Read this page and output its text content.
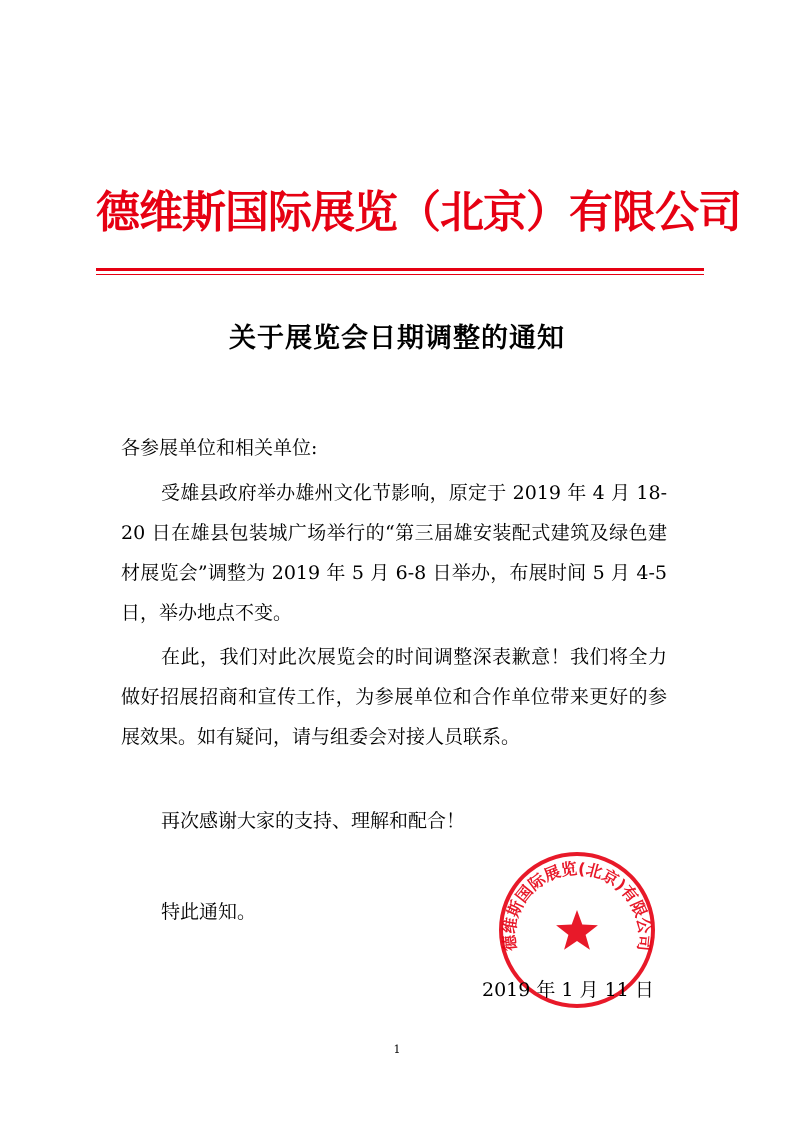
德维斯国际展览（北京）有限公司
关于展览会日期调整的通知
各参展单位和相关单位:

受雄县政府举办雄州文化节影响，原定于 2019 年 4 月 18-20 日在雄县包装城广场举行的“第三届雄安装配式建筑及绿色建材展览会”调整为 2019 年 5 月 6-8 日举办，布展时间 5 月 4-5 日，举办地点不变。

在此，我们对此次展览会的时间调整深表歉意！我们将全力做好招展招商和宣传工作，为参展单位和合作单位带来更好的参展效果。如有疑问，请与组委会对接人员联系。

再次感谢大家的支持、理解和配合！

特此通知。
德维斯国际展览(北京)有限公司
2019 年 1 月 11 日
1
